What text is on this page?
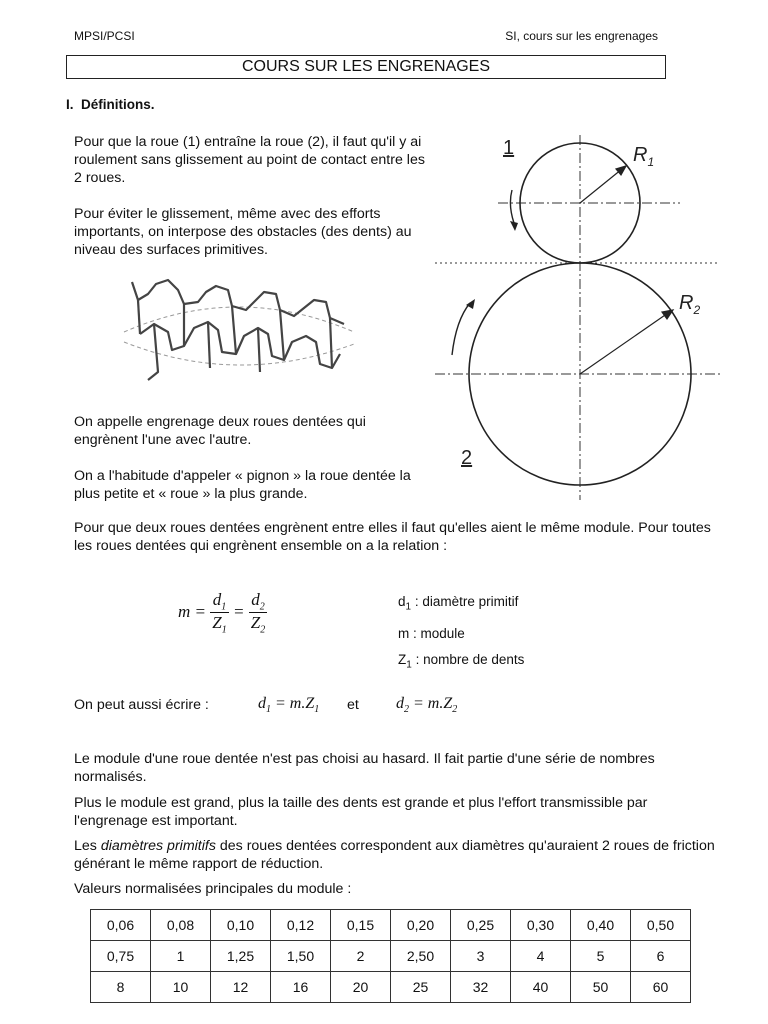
MPSI/PCSI	SI, cours sur les engrenages
COURS SUR LES ENGRENAGES
I.  Définitions.

Pour que la roue (1) entraîne la roue (2), il faut qu'il y ai roulement sans glissement au point de contact entre les 2 roues.

Pour éviter le glissement, même avec des efforts importants, on interpose des obstacles (des dents) au niveau des surfaces primitives.

On appelle engrenage deux roues dentées qui engrènent l'une avec l'autre.

On a l'habitude d'appeler « pignon » la roue dentée la plus petite et « roue » la plus grande.

1
2
$R_1$
$R_2$

Pour que deux roues dentées engrènent entre elles il faut qu'elles aient le même module. Pour toutes les roues dentées qui engrènent ensemble on a la relation :

$m = \frac{d_1}{Z_1} = \frac{d_2}{Z_2}$	$d_1$ : diamètre primitif
m : module
$Z_1$ : nombre de dents
On peut aussi écrire :	$d_1 = m.Z_1$ et $d_2 = m.Z_2$

Le module d'une roue dentée n'est pas choisi au hasard. Il fait partie d'une série de nombres normalisés.

Plus le module est grand, plus la taille des dents est grande et plus l'effort transmissible par l'engrenage est important.

Les diamètres primitifs des roues dentées correspondent aux diamètres qu'auraient 2 roues de friction générant le même rapport de réduction.

Valeurs normalisées principales du module :

0,06	0,08	0,10	0,12	0,15	0,20	0,25	0,30	0,40	0,50
0,75	1	1,25	1,50	2	2,50	3	4	5	6
8	10	12	16	20	25	32	40	50	60
